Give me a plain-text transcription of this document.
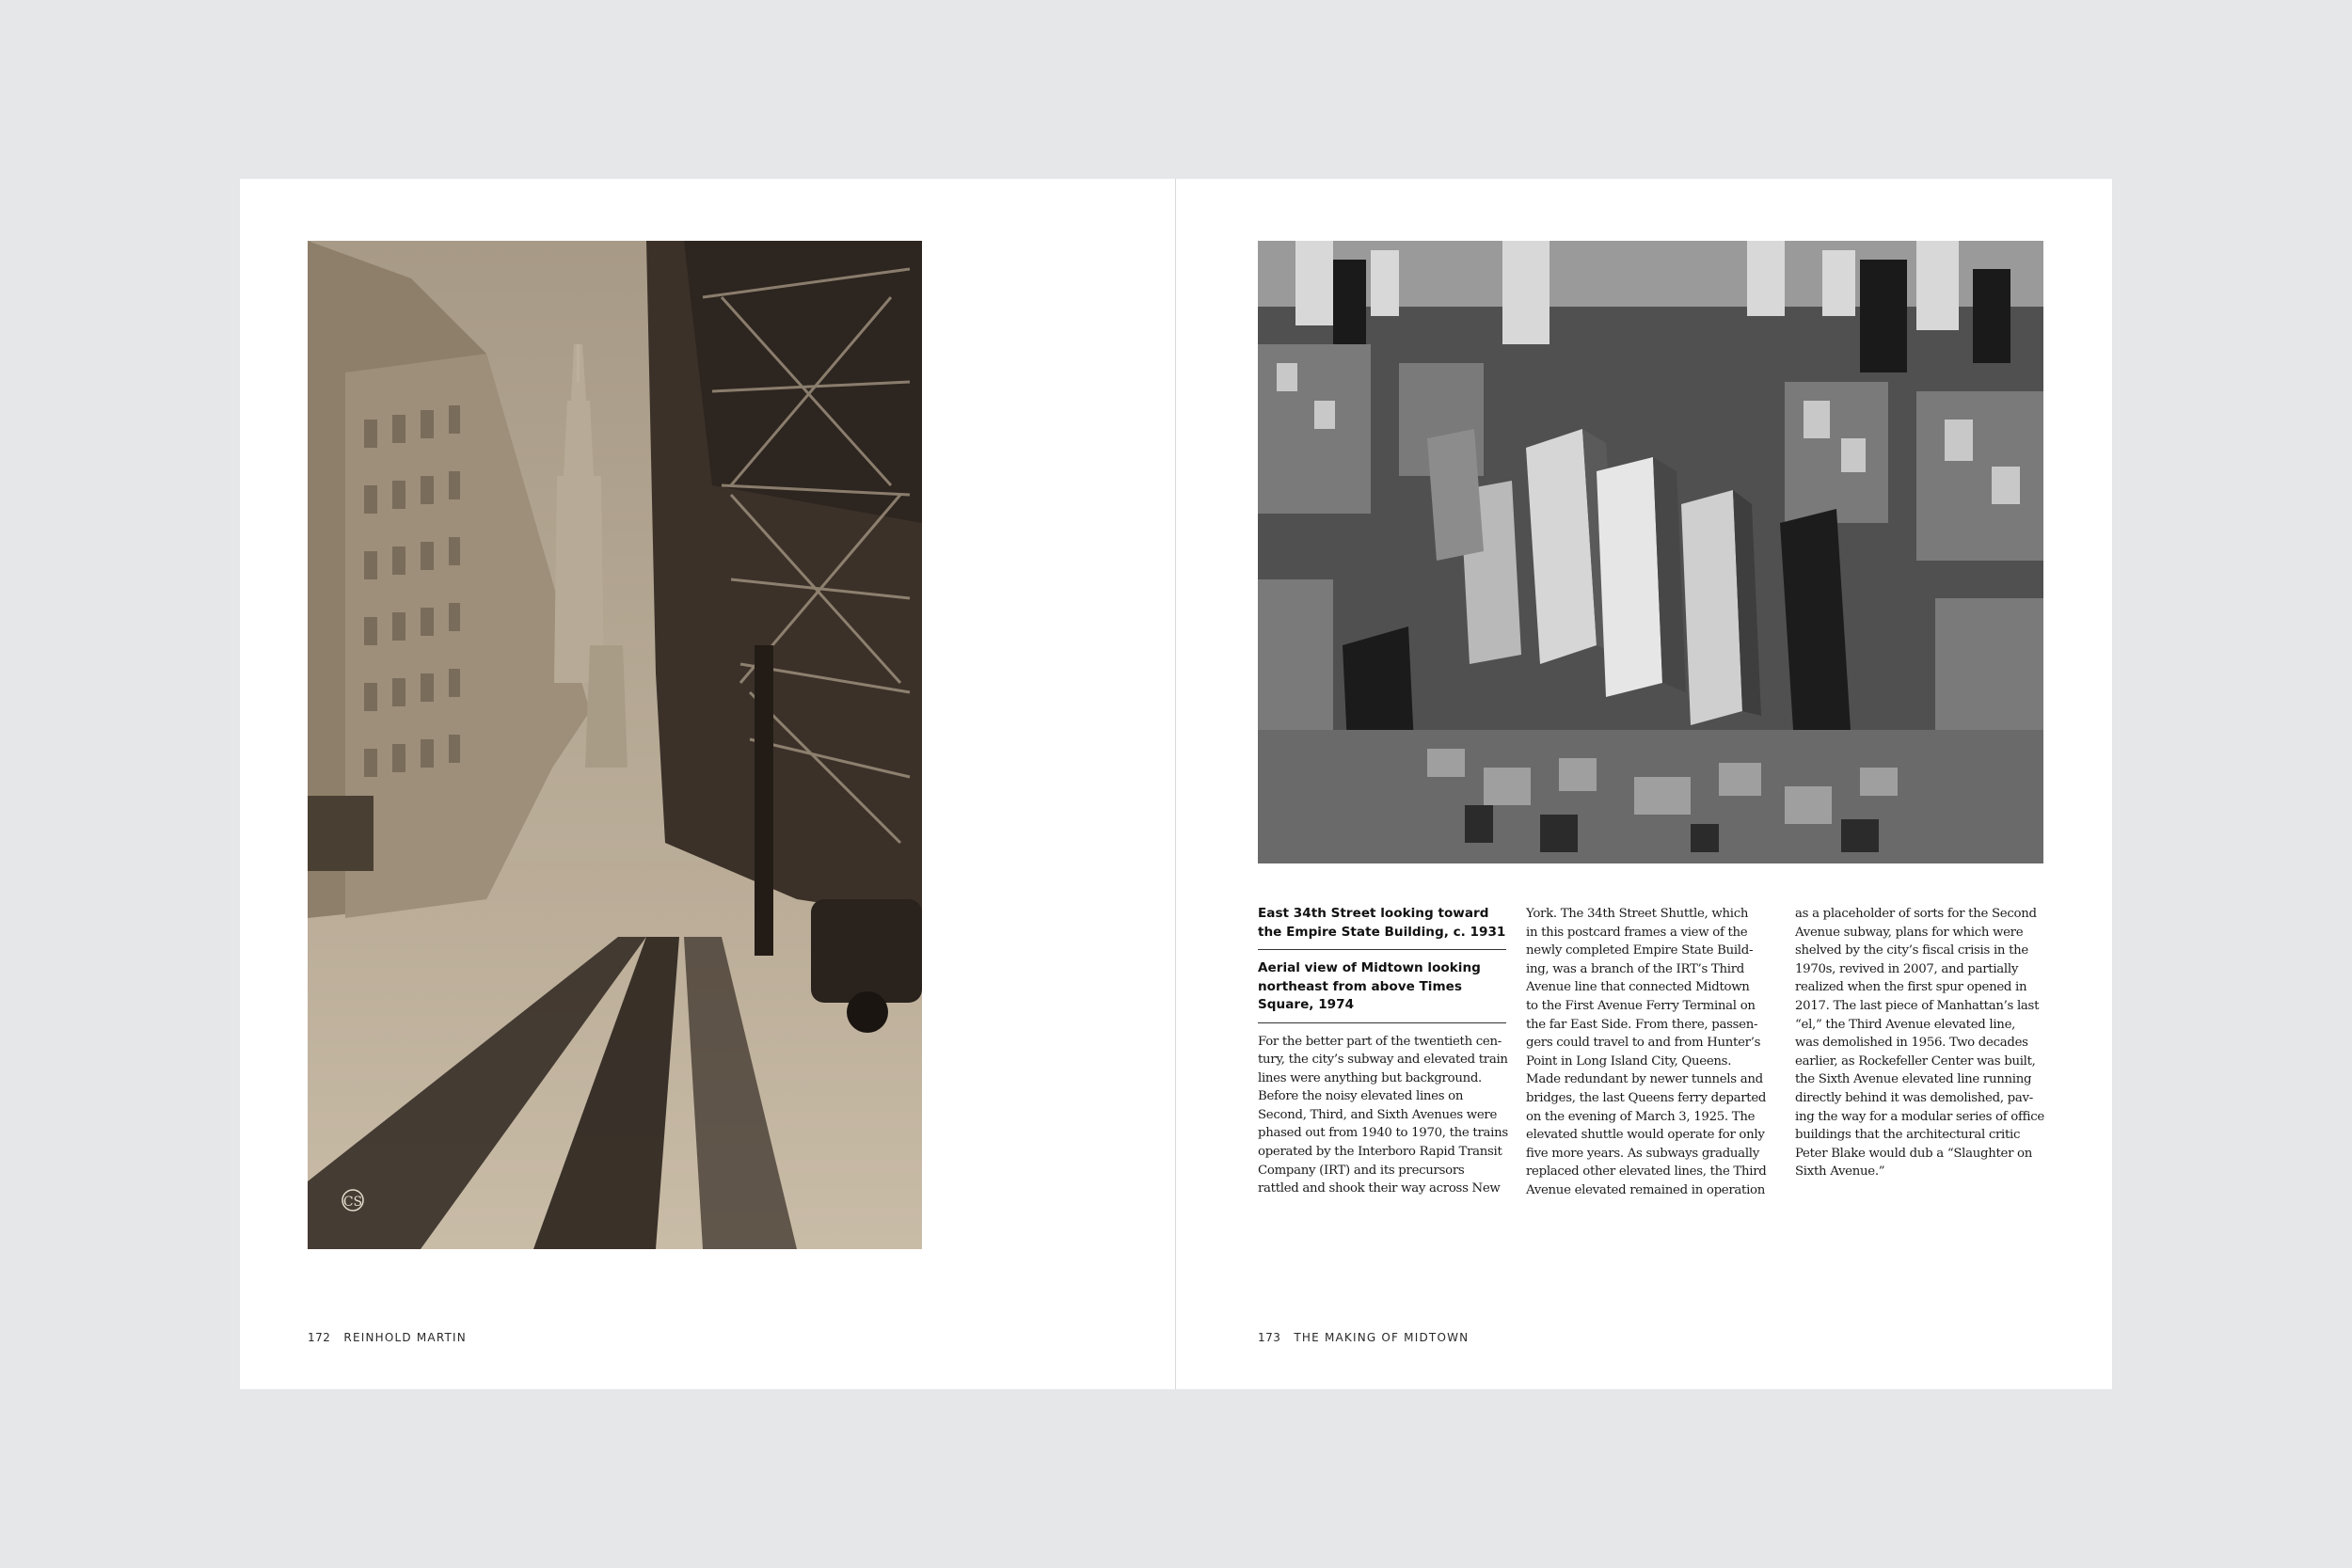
CS
172 REINHOLD MARTIN	173 THE MAKING OF MIDTOWN
East 34th Street looking toward the Empire State Building, c. 1931
Aerial view of Midtown looking northeast from above Times Square, 1974
For the better part of the twentieth cen-
tury, the city’s subway and elevated train
lines were anything but background.
Before the noisy elevated lines on
Second, Third, and Sixth Avenues were
phased out from 1940 to 1970, the trains
operated by the Interboro Rapid Transit
Company (IRT) and its precursors
rattled and shook their way across New
York. The 34th Street Shuttle, which
in this postcard frames a view of the
newly completed Empire State Build-
ing, was a branch of the IRT’s Third
Avenue line that connected Midtown
to the First Avenue Ferry Terminal on
the far East Side. From there, passen-
gers could travel to and from Hunter’s
Point in Long Island City, Queens.
Made redundant by newer tunnels and
bridges, the last Queens ferry departed
on the evening of March 3, 1925. The
elevated shuttle would operate for only
five more years. As subways gradually
replaced other elevated lines, the Third
Avenue elevated remained in operation
as a placeholder of sorts for the Second
Avenue subway, plans for which were
shelved by the city’s fiscal crisis in the
1970s, revived in 2007, and partially
realized when the first spur opened in
2017. The last piece of Manhattan’s last
“el,” the Third Avenue elevated line,
was demolished in 1956. Two decades
earlier, as Rockefeller Center was built,
the Sixth Avenue elevated line running
directly behind it was demolished, pav-
ing the way for a modular series of office
buildings that the architectural critic
Peter Blake would dub a “Slaughter on
Sixth Avenue.”
